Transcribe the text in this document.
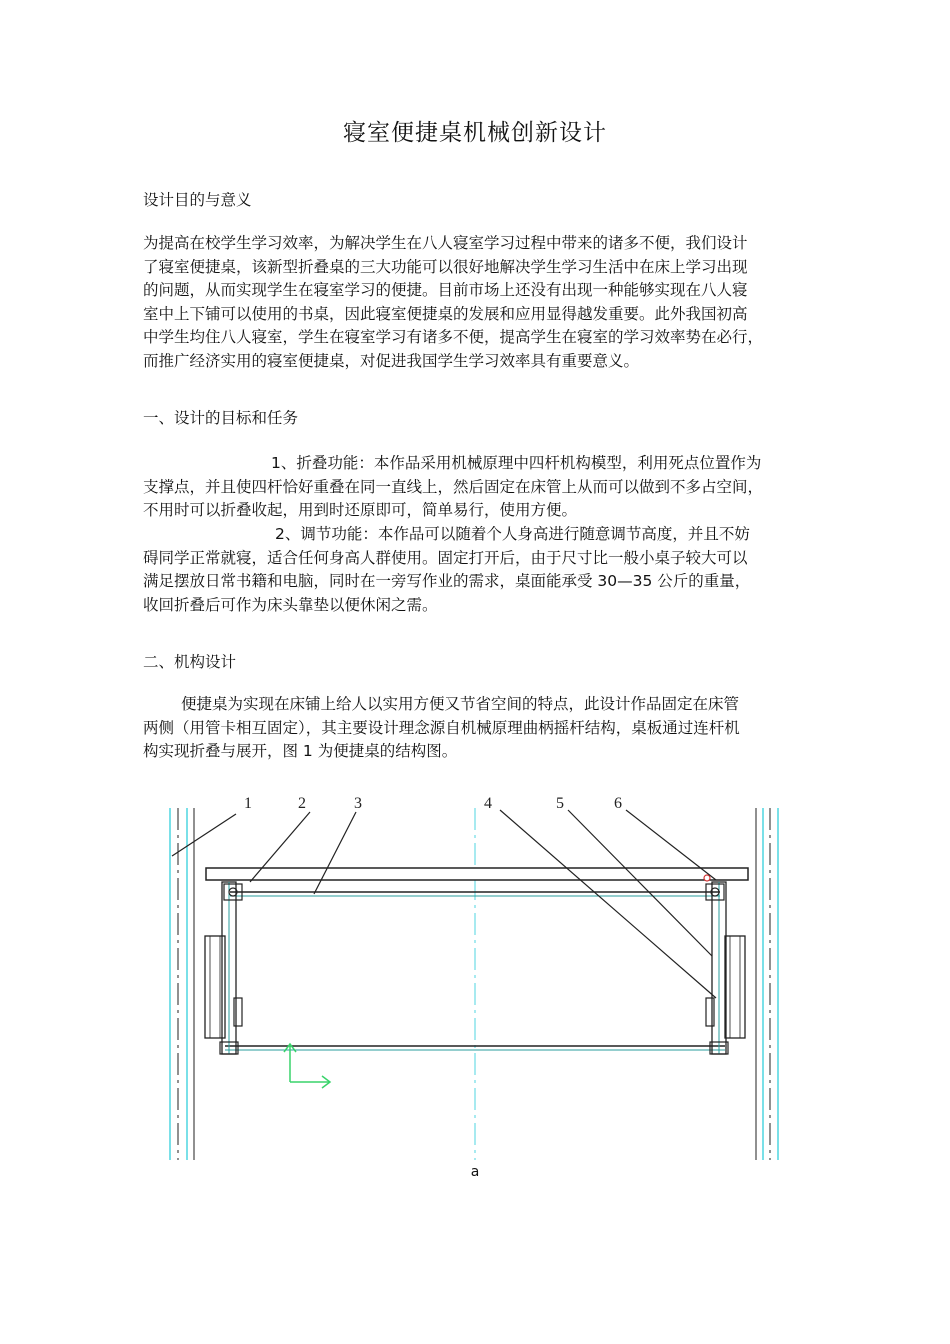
寝室便捷桌机械创新设计
设计目的与意义

为提高在校学生学习效率，为解决学生在八人寝室学习过程中带来的诸多不便，我们设计
了寝室便捷桌，该新型折叠桌的三大功能可以很好地解决学生学习生活中在床上学习出现
的问题，从而实现学生在寝室学习的便捷。目前市场上还没有出现一种能够实现在八人寝
室中上下铺可以使用的书桌，因此寝室便捷桌的发展和应用显得越发重要。此外我国初高
中学生均住八人寝室，学生在寝室学习有诸多不便，提高学生在寝室的学习效率势在必行，
而推广经济实用的寝室便捷桌，对促进我国学生学习效率具有重要意义。

一、设计的目标和任务

1、折叠功能：本作品采用机械原理中四杆机构模型，利用死点位置作为
支撑点，并且使四杆恰好重叠在同一直线上，然后固定在床管上从而可以做到不多占空间，
不用时可以折叠收起，用到时还原即可，简单易行，使用方便。

2、调节功能：本作品可以随着个人身高进行随意调节高度，并且不妨
碍同学正常就寝，适合任何身高人群使用。固定打开后，由于尺寸比一般小桌子较大可以
满足摆放日常书籍和电脑，同时在一旁写作业的需求，桌面能承受 30—35 公斤的重量，
收回折叠后可作为床头靠垫以便休闲之需。

二、机构设计

便捷桌为实现在床铺上给人以实用方便又节省空间的特点，此设计作品固定在床管
两侧（用管卡相互固定），其主要设计理念源自机械原理曲柄摇杆结构，桌板通过连杆机
构实现折叠与展开，图 1 为便捷桌的结构图。

1	2	3	4	5	6
a
